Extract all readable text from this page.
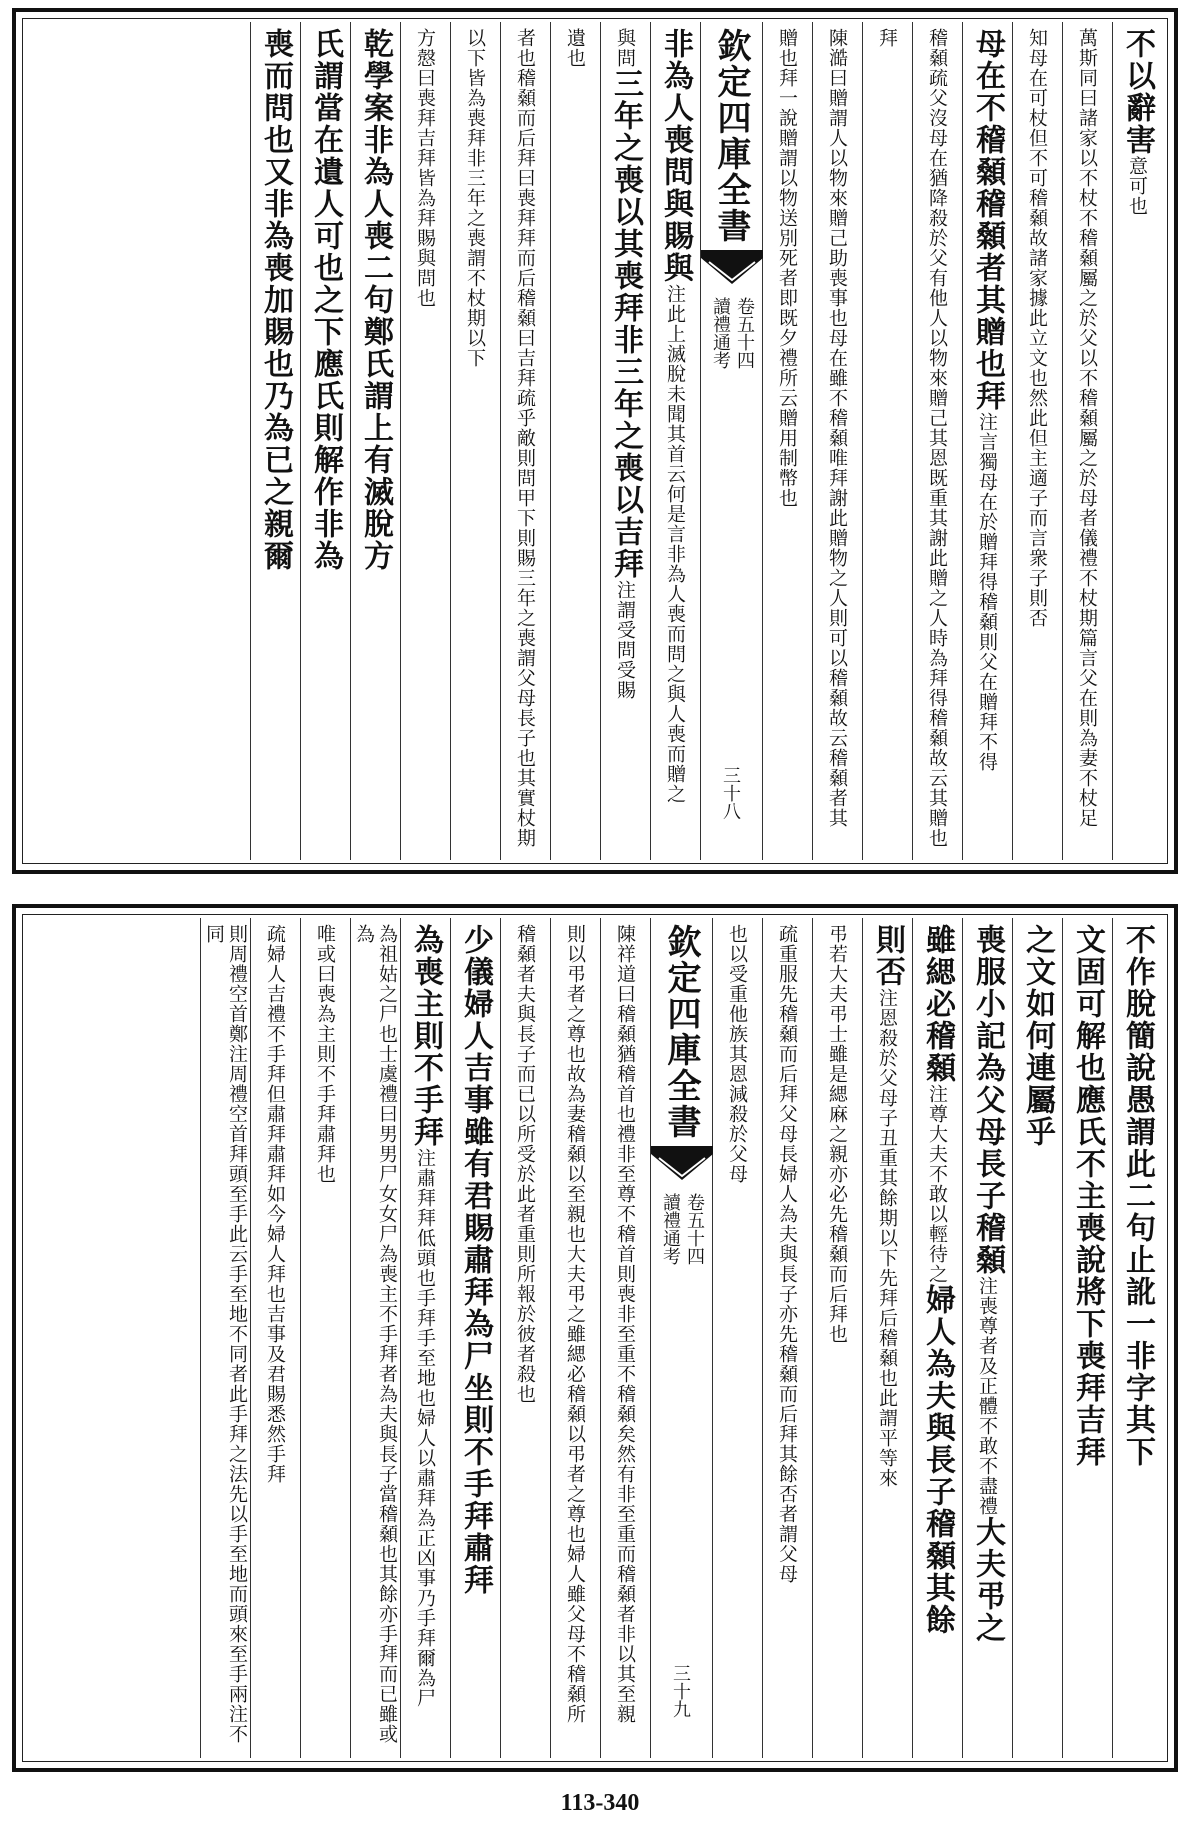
不以辭害意可也
萬斯同曰諸家以不杖不稽顙屬之於父以不稽顙屬之於母者儀禮不杖期篇言父在則為妻不杖足
知母在可杖但不可稽顙故諸家據此立文也然此但主適子而言衆子則否
母在不稽顙稽顙者其贈也拜注言獨母在於贈拜得稽顙則父在贈拜不得
稽顙疏父沒母在猶降殺於父有他人以物來贈己其恩既重其謝此贈之人時為拜得稽顙故云其贈也
拜
陳澔曰贈謂人以物來贈己助喪事也母在雖不稽顙唯拜謝此贈物之人則可以稽顙故云稽顙者其
贈也拜一說贈謂以物送別死者即既夕禮所云贈用制幣也
欽定四庫全書
讀禮通考 卷五十四
三十八
非為人喪問與賜與注此上滅脫未聞其首云何是言非為人喪而問之與人喪而贈之
與問三年之喪以其喪拜非三年之喪以吉拜注謂受問受賜
遺也
者也稽顙而后拜曰喪拜拜而后稽顙曰吉拜疏乎敵則問甲下則賜三年之喪謂父母長子也其實杖期
以下皆為喪拜非三年之喪謂不杖期以下
方慤曰喪拜吉拜皆為拜賜與問也
乾學案非為人喪二句鄭氏謂上有滅脫方
氏謂當在遺人可也之下應氏則解作非為
喪而問也又非為喪加賜也乃為已之親爾
不作脫簡說愚謂此二句止訛一非字其下
文固可解也應氏不主喪說將下喪拜吉拜
之文如何連屬乎
喪服小記為父母長子稽顙注喪尊者及正體不敢不盡禮大夫弔之
雖緦必稽顙注尊大夫不敢以輕待之婦人為夫與長子稽顙其餘
則否注恩殺於父母子丑重其餘期以下先拜后稽顙也此謂平等來
弔若大夫弔士雖是緦麻之親亦必先稽顙而后拜也
疏重服先稽顙而后拜父母長婦人為夫與長子亦先稽顙而后拜其餘否者謂父母
也以受重他族其恩減殺於父母
欽定四庫全書
讀禮通考 卷五十四
三十九
陳祥道曰稽顙猶稽首也禮非至尊不稽首則喪非至重不稽顙矣然有非至重而稽顙者非以其至親
則以弔者之尊也故為妻稽顙以至親也大夫弔之雖緦必稽顙以弔者之尊也婦人雖父母不稽顙所
稽顙者夫與長子而已以所受於此者重則所報於彼者殺也
少儀婦人吉事雖有君賜肅拜為尸坐則不手拜肅拜
為喪主則不手拜注肅拜拜低頭也手拜手至地也婦人以肅拜為正凶事乃手拜爾為尸
為祖姑之尸也士虞禮曰男男尸女女尸為喪主不手拜者為夫與長子當稽顙也其餘亦手拜而已雖或為
唯或曰喪為主則不手拜肅拜也
疏婦人吉禮不手拜但肅拜肅拜如今婦人拜也吉事及君賜悉然手拜
則周禮空首鄭注周禮空首拜頭至手此云手至地不同者此手拜之法先以手至地而頭來至手兩注不同
113-340
